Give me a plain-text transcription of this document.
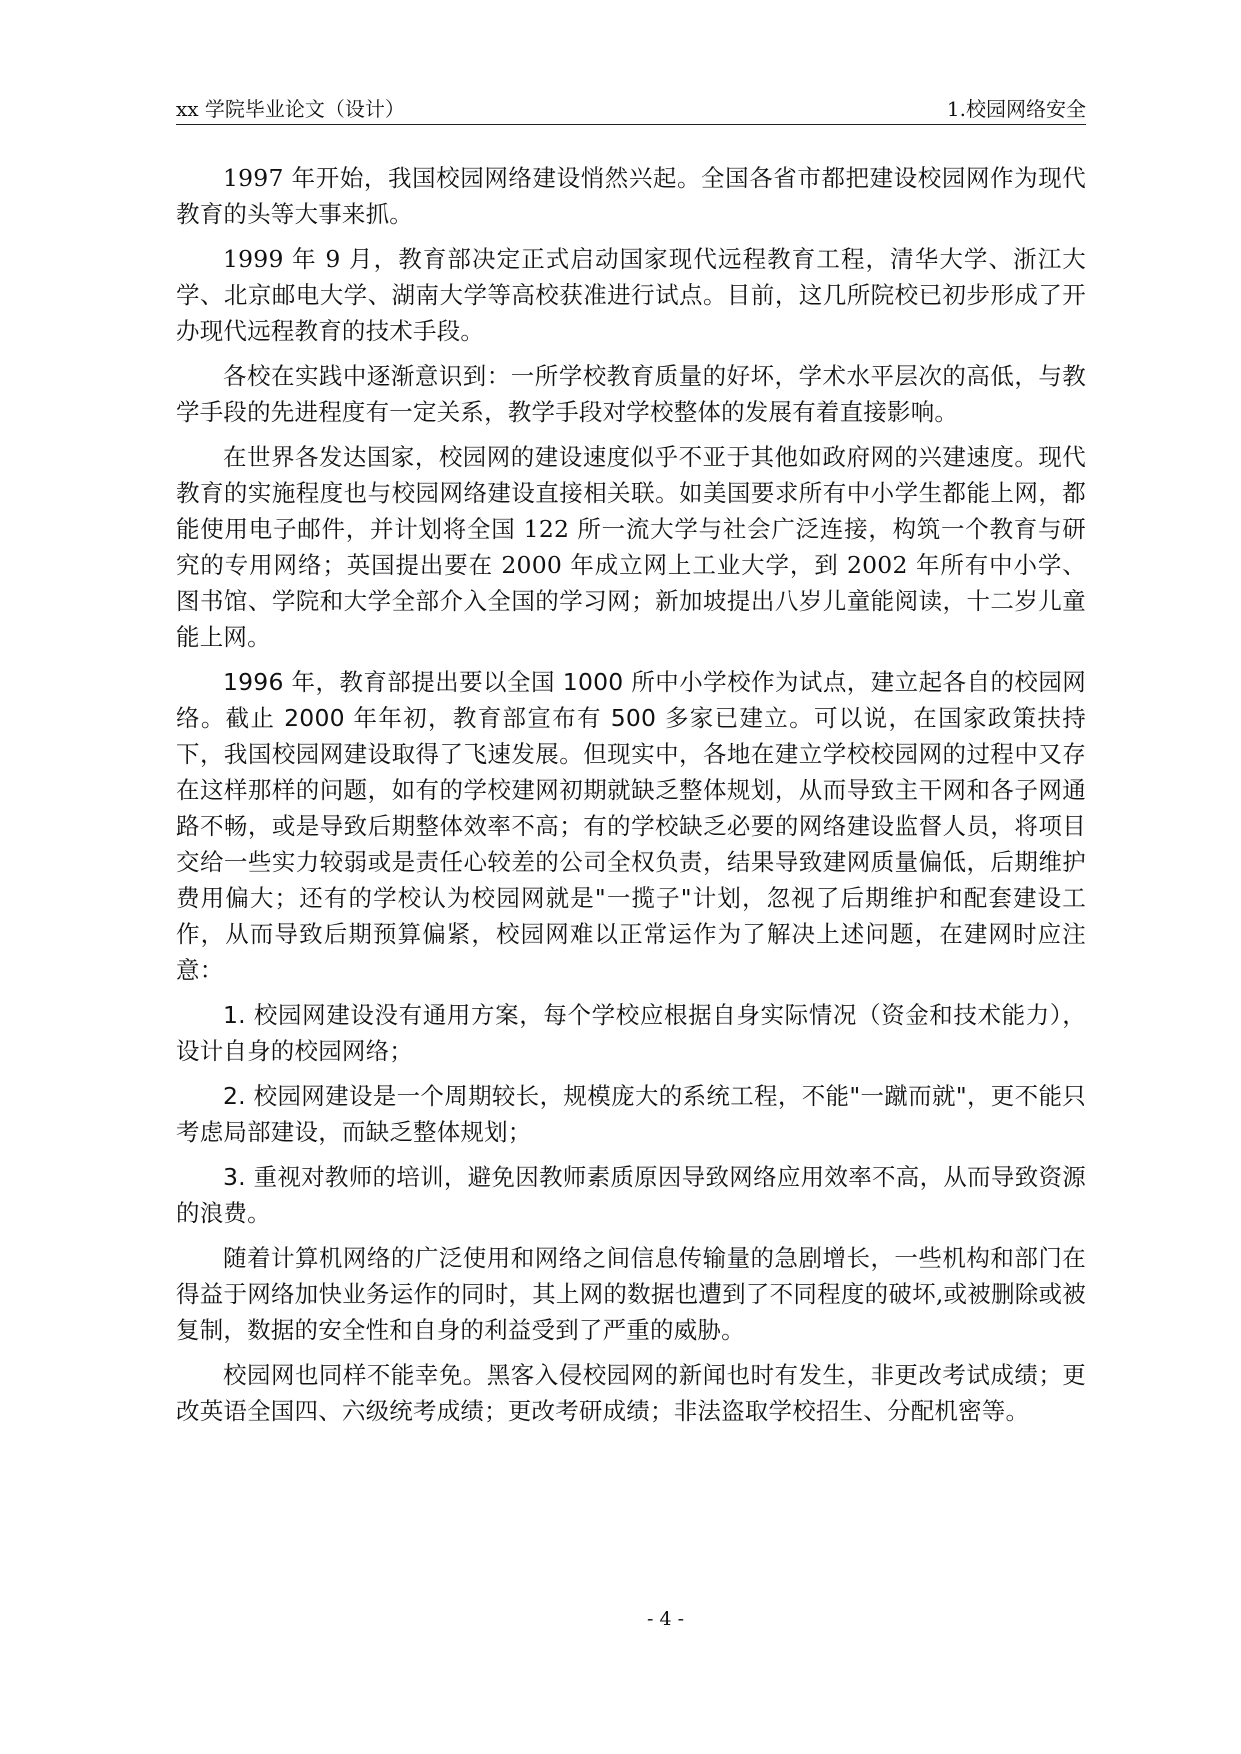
xx 学院毕业论文（设计）	1.校园网络安全

1997 年开始，我国校园网络建设悄然兴起。全国各省市都把建设校园网作为现代教育的头等大事来抓。

1999 年 9 月，教育部决定正式启动国家现代远程教育工程，清华大学、浙江大学、北京邮电大学、湖南大学等高校获准进行试点。目前，这几所院校已初步形成了开办现代远程教育的技术手段。

各校在实践中逐渐意识到：一所学校教育质量的好坏，学术水平层次的高低，与教学手段的先进程度有一定关系，教学手段对学校整体的发展有着直接影响。

在世界各发达国家，校园网的建设速度似乎不亚于其他如政府网的兴建速度。现代教育的实施程度也与校园网络建设直接相关联。如美国要求所有中小学生都能上网，都能使用电子邮件，并计划将全国 122 所一流大学与社会广泛连接，构筑一个教育与研究的专用网络；英国提出要在 2000 年成立网上工业大学，到 2002 年所有中小学、图书馆、学院和大学全部介入全国的学习网；新加坡提出八岁儿童能阅读，十二岁儿童能上网。

1996 年，教育部提出要以全国 1000 所中小学校作为试点，建立起各自的校园网络。截止 2000 年年初，教育部宣布有 500 多家已建立。可以说，在国家政策扶持下，我国校园网建设取得了飞速发展。但现实中，各地在建立学校校园网的过程中又存在这样那样的问题，如有的学校建网初期就缺乏整体规划，从而导致主干网和各子网通路不畅，或是导致后期整体效率不高；有的学校缺乏必要的网络建设监督人员，将项目交给一些实力较弱或是责任心较差的公司全权负责，结果导致建网质量偏低，后期维护费用偏大；还有的学校认为校园网就是"一揽子"计划，忽视了后期维护和配套建设工作，从而导致后期预算偏紧，校园网难以正常运作为了解决上述问题，在建网时应注意：

1. 校园网建设没有通用方案，每个学校应根据自身实际情况（资金和技术能力），设计自身的校园网络；

2. 校园网建设是一个周期较长，规模庞大的系统工程，不能"一蹴而就"，更不能只考虑局部建设，而缺乏整体规划；

3. 重视对教师的培训，避免因教师素质原因导致网络应用效率不高，从而导致资源的浪费。

随着计算机网络的广泛使用和网络之间信息传输量的急剧增长，一些机构和部门在得益于网络加快业务运作的同时，其上网的数据也遭到了不同程度的破坏,或被删除或被复制，数据的安全性和自身的利益受到了严重的威胁。

校园网也同样不能幸免。黑客入侵校园网的新闻也时有发生，非更改考试成绩；更改英语全国四、六级统考成绩；更改考研成绩；非法盗取学校招生、分配机密等。

- 4 -
